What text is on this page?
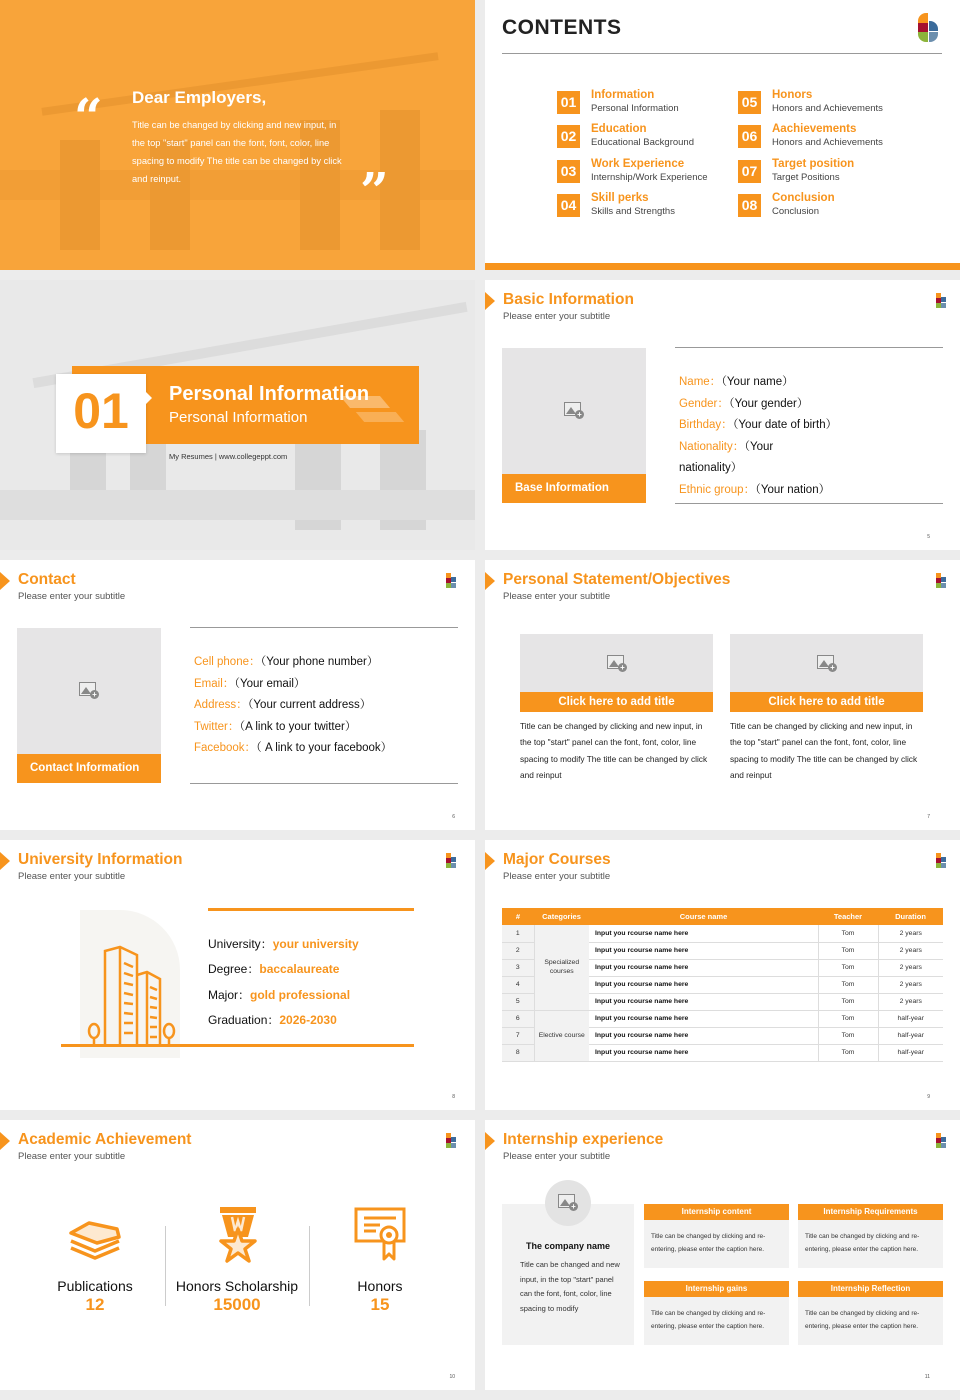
“ Dear Employers,
Title can be changed by clicking and new input, in the top "start" panel can the font, font, color, line spacing to modify The title can be changed by click and reinput.	”
CONTENTS
01	Information
Personal Information
02	Education
Educational Background
03	Work Experience
Internship/Work Experience
04	Skill perks
Skills and Strengths
05	Honors
Honors and Achievements
06	Aachievements
Honors and Achievements
07	Target position
Target Positions
08	Conclusion
Conclusion
01	Personal Information
Personal Information
My Resumes | www.collegeppt.com
Basic Information
Please enter your subtitle
+
Base Information
Name：（Your name）
Gender：（Your gender）
Birthday：（Your date of birth）
Nationality：（Your
nationality）
Ethnic group：（Your nation）
5
Contact
Please enter your subtitle
+
Contact Information
Cell phone：（Your phone number）
Email：（Your email）
Address：（Your current address）
Twitter：（A link to your twitter）
Facebook：（ A link to your facebook）
6
Personal Statement/Objectives
Please enter your subtitle
+
Click here to add title
Title can be changed by clicking and new input, in the top "start" panel can the font, font, color, line spacing to modify The title can be changed by click and reinput
+
Click here to add title
Title can be changed by clicking and new input, in the top "start" panel can the font, font, color, line spacing to modify The title can be changed by click and reinput
7
University Information
Please enter your subtitle
University：your university
Degree：baccalaureate
Major：gold professional
Graduation：2026-2030
8
Major Courses
Please enter your subtitle
#	Categories	Course name	Teacher	Duration
1	Specialized courses	Input you rcourse name here	Tom	2 years
2		Input you rcourse name here	Tom	2 years
3		Input you rcourse name here	Tom	2 years
4		Input you rcourse name here	Tom	2 years
5		Input you rcourse name here	Tom	2 years
6	Elective course	Input you rcourse name here	Tom	half-year
7		Input you rcourse name here	Tom	half-year
8		Input you rcourse name here	Tom	half-year
9
Academic Achievement
Please enter your subtitle
Publications
12
Honors Scholarship
15000
Honors
15
10
Internship experience
Please enter your subtitle
+
The company name
Title can be changed and new input, in the top "start" panel can the font, font, color, line spacing to modify
Internship content
Title can be changed by clicking and re-entering, please enter the caption here.
Internship Requirements
Title can be changed by clicking and re-entering, please enter the caption here.
Internship gains
Title can be changed by clicking and re-entering, please enter the caption here.
Internship Reflection
Title can be changed by clicking and re-entering, please enter the caption here.
11
